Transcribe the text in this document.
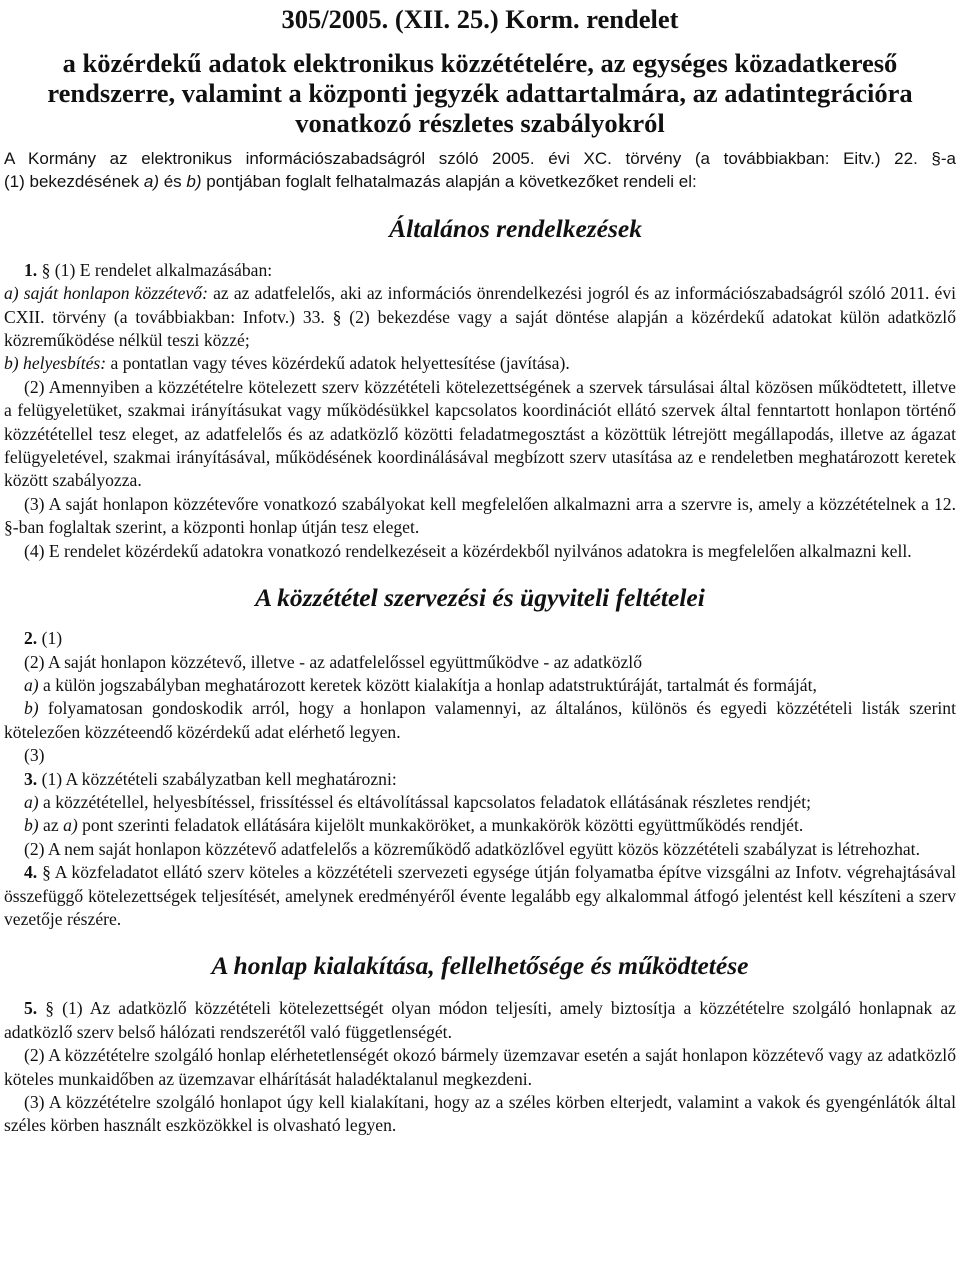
305/2005. (XII. 25.) Korm. rendelet
a közérdekű adatok elektronikus közzétételére, az egységes közadatkereső rendszerre, valamint a központi jegyzék adattartalmára, az adatintegrációra vonatkozó részletes szabályokról

A Kormány az elektronikus információszabadságról szóló 2005. évi XC. törvény (a továbbiakban: Eitv.) 22. §-a

(1) bekezdésének a) és b) pontjában foglalt felhatalmazás alapján a következőket rendeli el:

Általános rendelkezések

1. § (1) E rendelet alkalmazásában:

a) saját honlapon közzétevő: az az adatfelelős, aki az információs önrendelkezési jogról és az információszabadságról szóló 2011. évi CXII. törvény (a továbbiakban: Infotv.) 33. § (2) bekezdése vagy a saját döntése alapján a közérdekű adatokat külön adatközlő közreműködése nélkül teszi közzé;

b) helyesbítés: a pontatlan vagy téves közérdekű adatok helyettesítése (javítása).

(2) Amennyiben a közzétételre kötelezett szerv közzétételi kötelezettségének a szervek társulásai által közösen működtetett, illetve a felügyeletüket, szakmai irányításukat vagy működésükkel kapcsolatos koordinációt ellátó szervek által fenntartott honlapon történő közzététellel tesz eleget, az adatfelelős és az adatközlő közötti feladatmegosztást a közöttük létrejött megállapodás, illetve az ágazat felügyeletével, szakmai irányításával, működésének koordinálásával megbízott szerv utasítása az e rendeletben meghatározott keretek között szabályozza.

(3) A saját honlapon közzétevőre vonatkozó szabályokat kell megfelelően alkalmazni arra a szervre is, amely a közzétételnek a 12. §-ban foglaltak szerint, a központi honlap útján tesz eleget.

(4) E rendelet közérdekű adatokra vonatkozó rendelkezéseit a közérdekből nyilvános adatokra is megfelelően alkalmazni kell.

A közzététel szervezési és ügyviteli feltételei

2. (1)

(2) A saját honlapon közzétevő, illetve - az adatfelelőssel együttműködve - az adatközlő

a) a külön jogszabályban meghatározott keretek között kialakítja a honlap adatstruktúráját, tartalmát és formáját,

b) folyamatosan gondoskodik arról, hogy a honlapon valamennyi, az általános, különös és egyedi közzétételi listák szerint kötelezően közzéteendő közérdekű adat elérhető legyen.

(3)

3. (1) A közzétételi szabályzatban kell meghatározni:

a) a közzététellel, helyesbítéssel, frissítéssel és eltávolítással kapcsolatos feladatok ellátásának részletes rendjét;

b) az a) pont szerinti feladatok ellátására kijelölt munkaköröket, a munkakörök közötti együttműködés rendjét.

(2) A nem saját honlapon közzétevő adatfelelős a közreműködő adatközlővel együtt közös közzétételi szabályzat is létrehozhat.

4. § A közfeladatot ellátó szerv köteles a közzétételi szervezeti egysége útján folyamatba építve vizsgálni az Infotv. végrehajtásával összefüggő kötelezettségek teljesítését, amelynek eredményéről évente legalább egy alkalommal átfogó jelentést kell készíteni a szerv vezetője részére.

A honlap kialakítása, fellelhetősége és működtetése

5. § (1) Az adatközlő közzétételi kötelezettségét olyan módon teljesíti, amely biztosítja a közzétételre szolgáló honlapnak az adatközlő szerv belső hálózati rendszerétől való függetlenségét.

(2) A közzétételre szolgáló honlap elérhetetlenségét okozó bármely üzemzavar esetén a saját honlapon közzétevő vagy az adatközlő köteles munkaidőben az üzemzavar elhárítását haladéktalanul megkezdeni.

(3) A közzétételre szolgáló honlapot úgy kell kialakítani, hogy az a széles körben elterjedt, valamint a vakok és gyengénlátók által széles körben használt eszközökkel is olvasható legyen.
